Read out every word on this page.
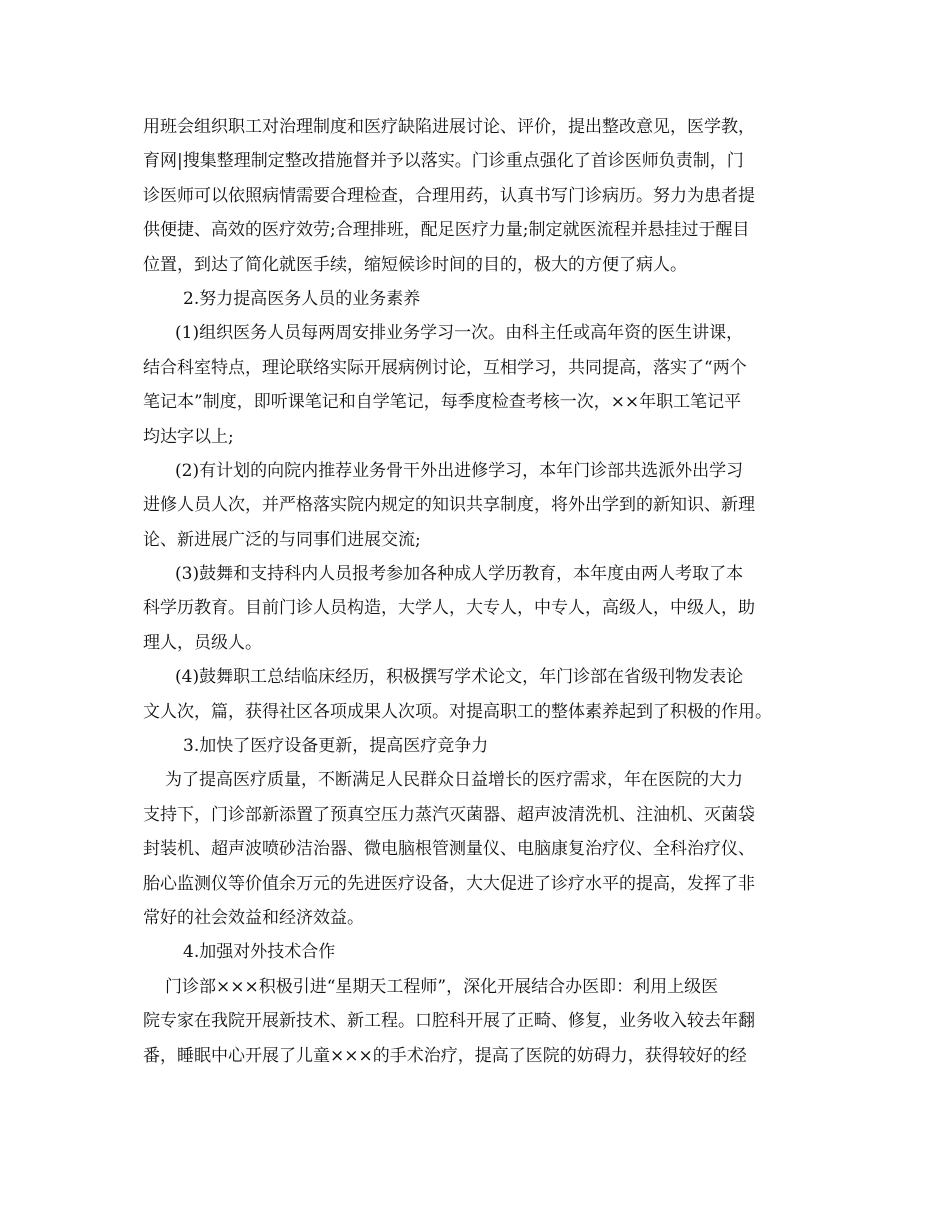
用班会组织职工对治理制度和医疗缺陷进展讨论、评价，提出整改意见，医学教，
育网|搜集整理制定整改措施督并予以落实。门诊重点强化了首诊医师负责制，门
诊医师可以依照病情需要合理检查，合理用药，认真书写门诊病历。努力为患者提
供便捷、高效的医疗效劳;合理排班，配足医疗力量;制定就医流程并悬挂过于醒目
位置，到达了简化就医手续，缩短候诊时间的目的，极大的方便了病人。
2.努力提高医务人员的业务素养
(1)组织医务人员每两周安排业务学习一次。由科主任或高年资的医生讲课，
结合科室特点，理论联络实际开展病例讨论，互相学习，共同提高，落实了“两个
笔记本”制度，即听课笔记和自学笔记，每季度检查考核一次，××年职工笔记平
均达字以上;
(2)有计划的向院内推荐业务骨干外出进修学习，本年门诊部共选派外出学习
进修人员人次，并严格落实院内规定的知识共享制度，将外出学到的新知识、新理
论、新进展广泛的与同事们进展交流;
(3)鼓舞和支持科内人员报考参加各种成人学历教育，本年度由两人考取了本
科学历教育。目前门诊人员构造，大学人，大专人，中专人，高级人，中级人，助
理人，员级人。
(4)鼓舞职工总结临床经历，积极撰写学术论文，年门诊部在省级刊物发表论
文人次，篇，获得社区各项成果人次项。对提高职工的整体素养起到了积极的作用。
3.加快了医疗设备更新，提高医疗竞争力
为了提高医疗质量，不断满足人民群众日益增长的医疗需求，年在医院的大力
支持下，门诊部新添置了预真空压力蒸汽灭菌器、超声波清洗机、注油机、灭菌袋
封装机、超声波喷砂洁治器、微电脑根管测量仪、电脑康复治疗仪、全科治疗仪、
胎心监测仪等价值余万元的先进医疗设备，大大促进了诊疗水平的提高，发挥了非
常好的社会效益和经济效益。
4.加强对外技术合作
门诊部×××积极引进“星期天工程师”，深化开展结合办医即：利用上级医
院专家在我院开展新技术、新工程。口腔科开展了正畸、修复，业务收入较去年翻
番，睡眠中心开展了儿童×××的手术治疗，提高了医院的妨碍力，获得较好的经
